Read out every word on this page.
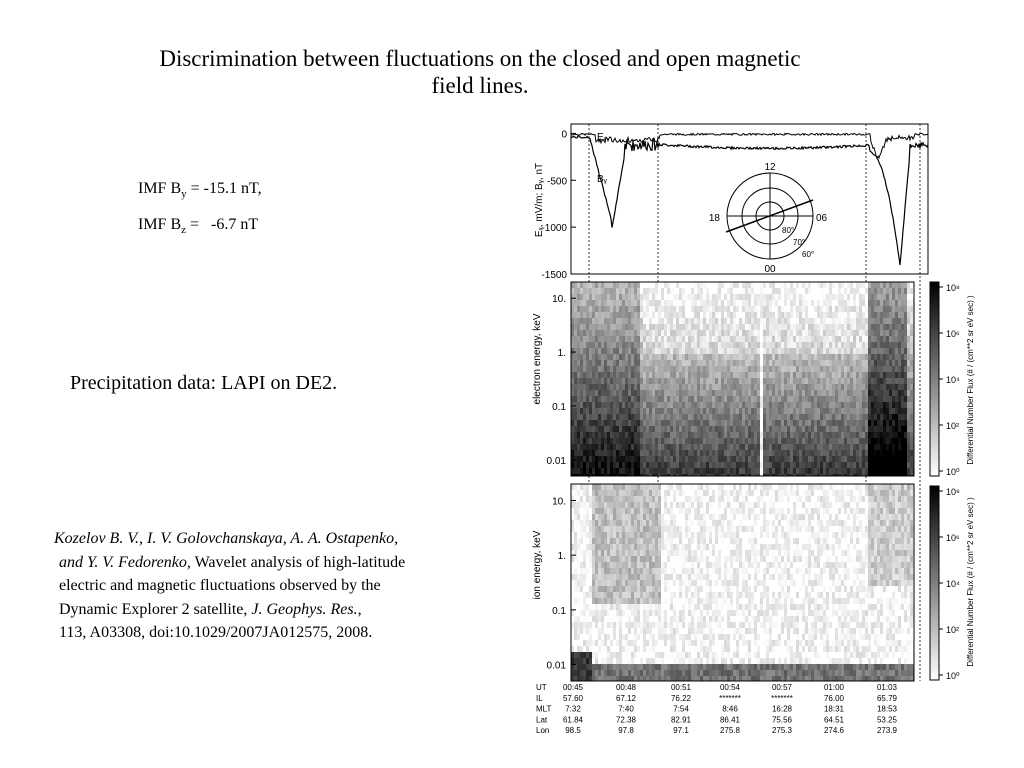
Discrimination between fluctuations on the closed and open magnetic
field lines.
IMF $B_y = -15.1$ nT,
IMF $B_z = -6.7$ nT
Precipitation data: LAPI on DE2.
Kozelov B. V., I. V. Golovchanskaya, A. A. Ostapenko,
and Y. V. Fedorenko, Wavelet analysis of high-latitude
electric and magnetic fluctuations observed by the
Dynamic Explorer 2 satellite, J. Geophys. Res.,
113, A03308, doi:10.1029/2007JA012575, 2008.
Eₓ, mV/m; Bᵧ, nT
0
-500
-1000
-1500
Eᵧ
Bᵧ
12
18	06
00
80°
70°
60°
electron energy, keV
10.
1.
0.1
0.01
10⁸
10⁶
10⁴
10²
10⁰
Differential Number Flux (# / (cm**2 sr eV sec) )
ion energy, keV
10.
1.
0.1
0.01
10⁸
10⁶
10⁴
10²
10⁰
Differential Number Flux (# / (cm**2 sr eV sec) )
UT 00:45	00:48	00:51	00:54	00:57	01:00	01:03
IL	57.60	67.12	76.22	*******	*******	76.00	65.79
MLT 7:32	7:40	7:54	8:46	16:28	18:31	18:53
Lat 61.84	72.38	82.91	86.41	75.56	64.51	53.25
Lon 98.5	97.8	97.1	275.8	275.3	274.6	273.9
